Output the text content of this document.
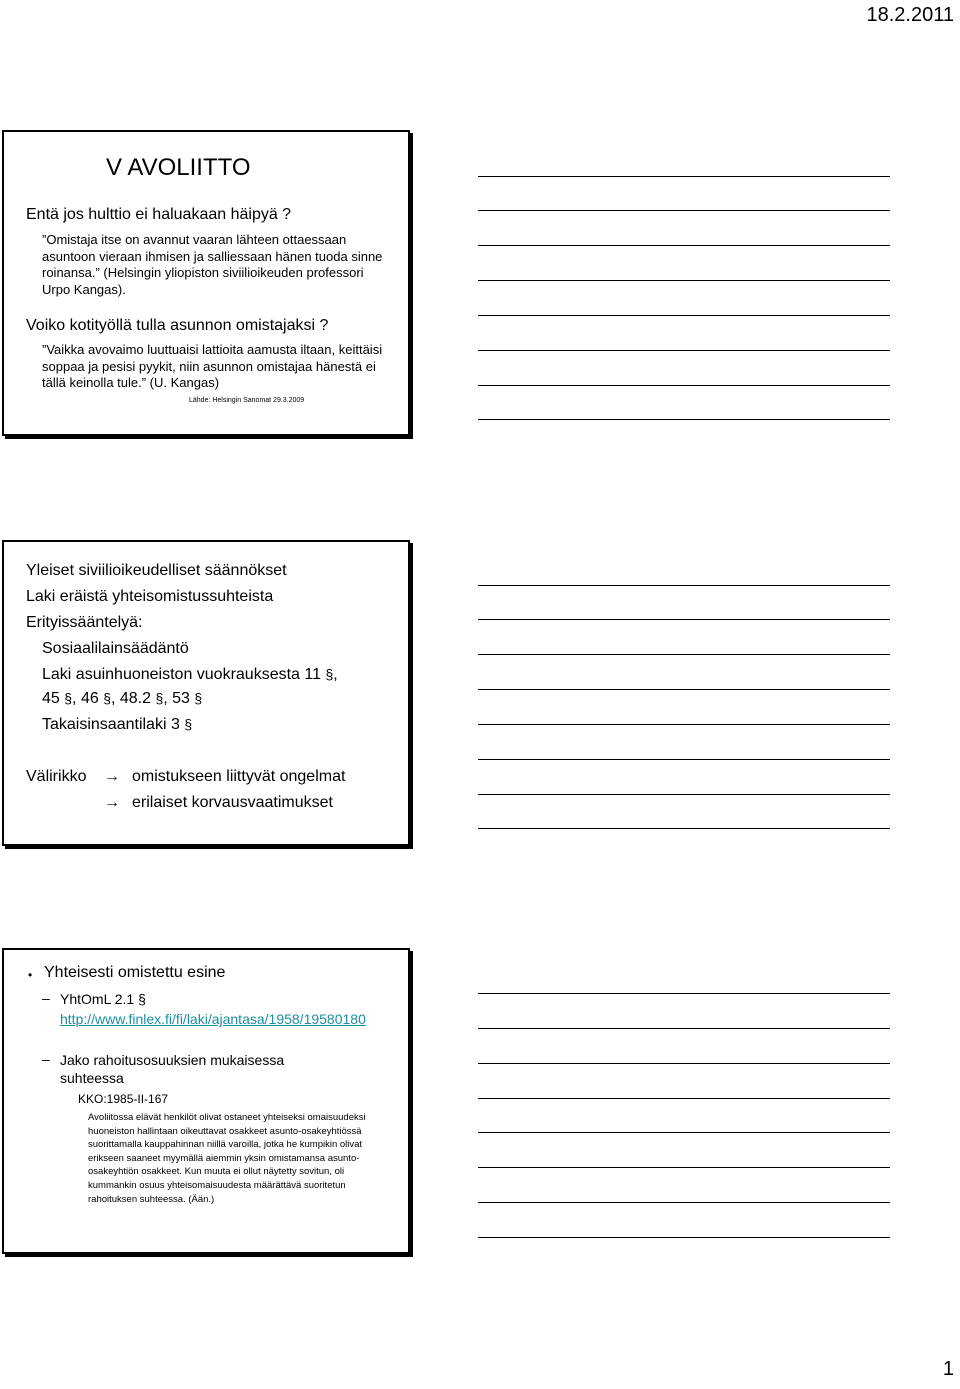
18.2.2011
V AVOLIITTO
Entä jos hulttio ei haluakaan häipyä ?
”Omistaja itse on avannut vaaran lähteen ottaessaan asuntoon vieraan ihmisen ja salliessaan hänen tuoda sinne roinansa.” (Helsingin yliopiston siviilioikeuden professori Urpo Kangas).
Voiko kotityöllä tulla asunnon omistajaksi ?
”Vaikka avovaimo luuttuaisi lattioita aamusta iltaan, keittäisi soppaa ja pesisi pyykit, niin asunnon omistajaa hänestä ei tällä keinolla tule.” (U. Kangas)
Lähde: Helsingin Sanomat 29.3.2009
Yleiset siviilioikeudelliset säännökset
Laki eräistä yhteisomistussuhteista
Erityissääntelyä:
Sosiaalilainsäädäntö
Laki asuinhuoneiston vuokrauksesta 11 §,
45 §, 46 §, 48.2 §, 53 §
Takaisinsaantilaki 3 §
Välirikko → omistukseen liittyvät ongelmat
→ erilaiset korvausvaatimukset
• Yhteisesti omistettu esine
– YhtOmL 2.1 §
http://www.finlex.fi/fi/laki/ajantasa/1958/19580180
– Jako rahoitusosuuksien mukaisessa suhteessa
KKO:1985-II-167
Avoliitossa elävät henkilöt olivat ostaneet yhteiseksi omaisuudeksi huoneiston hallintaan oikeuttavat osakkeet asunto-osakeyhtiössä suorittamalla kauppahinnan niillä varoilla, jotka he kumpikin olivat erikseen saaneet myymällä aiemmin yksin omistamansa asunto-osakeyhtiön osakkeet. Kun muuta ei ollut näytetty sovitun, oli kummankin osuus yhteisomaisuudesta määrättävä suoritetun rahoituksen suhteessa. (Ään.)
1
